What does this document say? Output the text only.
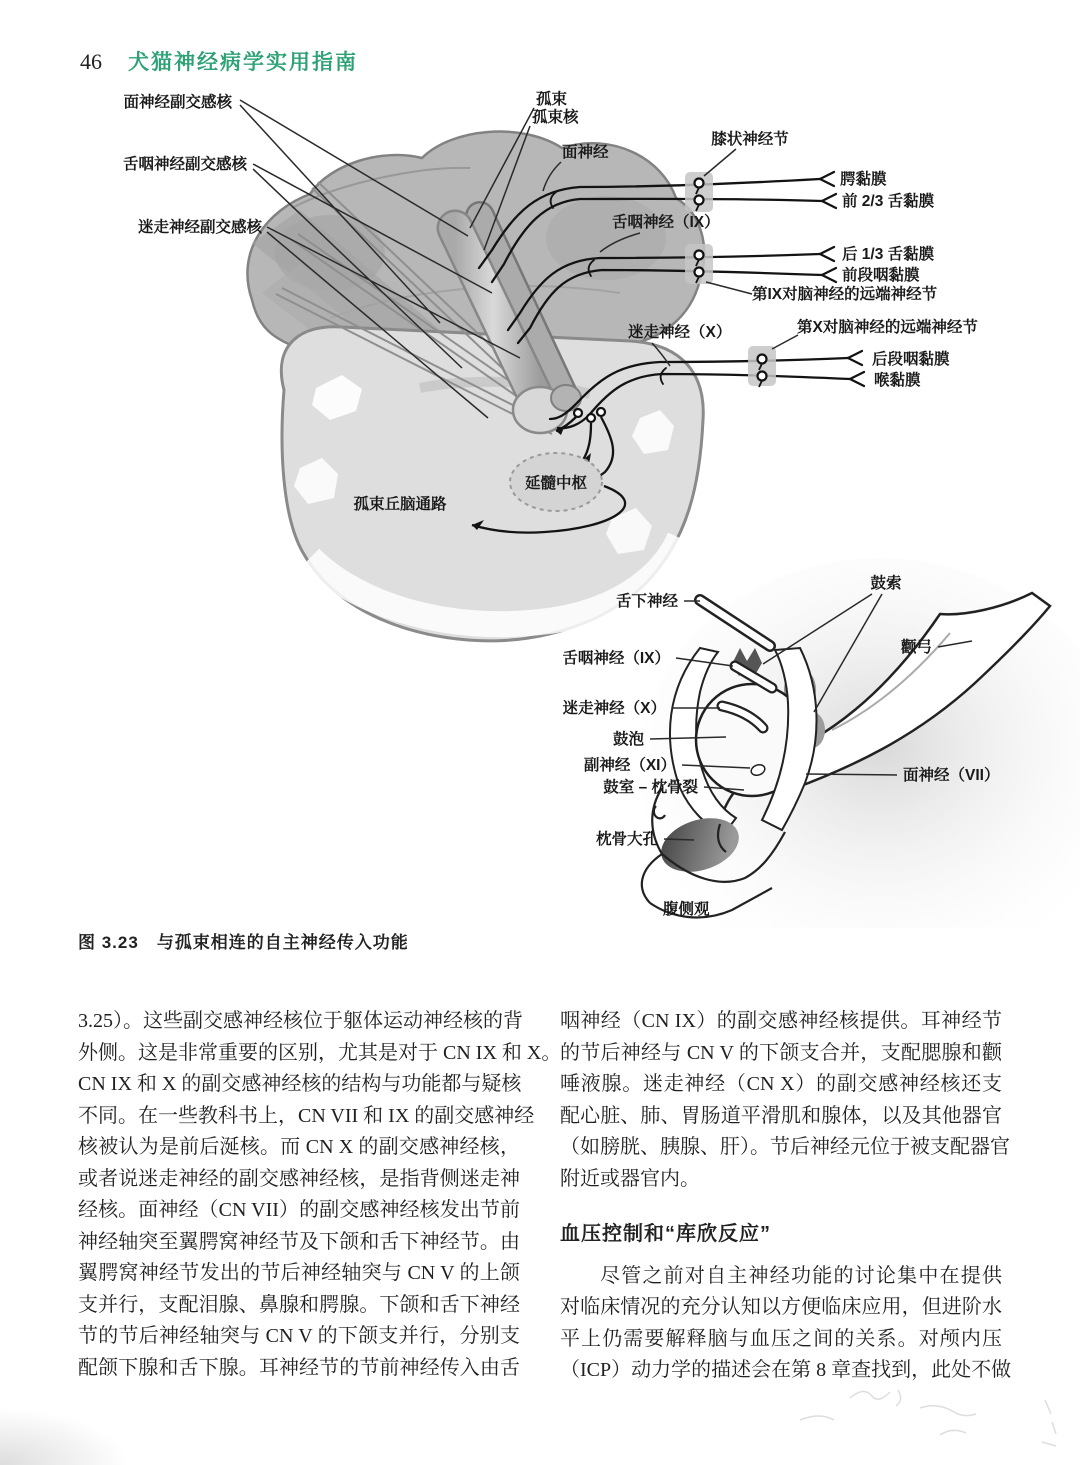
46 犬猫神经病学实用指南
延髓中枢
孤束丘脑通路
面神经副交感核
舌咽神经副交感核
迷走神经副交感核
孤束
孤束核
面神经
膝状神经节
腭黏膜
前 2/3 舌黏膜
舌咽神经（IX）
后 1/3 舌黏膜
前段咽黏膜
第IX对脑神经的远端神经节
迷走神经（X）	第X对脑神经的远端神经节
后段咽黏膜
喉黏膜
鼓索
舌下神经
颧弓
舌咽神经（IX）
迷走神经（X）
鼓泡
副神经（XI）
鼓室 – 枕骨裂
面神经（VII）
枕骨大孔
腹侧观
图 3.23 与孤束相连的自主神经传入功能
3.25）。这些副交感神经核位于躯体运动神经核的背
外侧。这是非常重要的区别，尤其是对于 CN IX 和 X。
CN IX 和 X 的副交感神经核的结构与功能都与疑核
不同。在一些教科书上，CN VII 和 IX 的副交感神经
核被认为是前后涎核。而 CN X 的副交感神经核，
或者说迷走神经的副交感神经核，是指背侧迷走神
经核。面神经（CN VII）的副交感神经核发出节前
神经轴突至翼腭窝神经节及下颌和舌下神经节。由
翼腭窝神经节发出的节后神经轴突与 CN V 的上颌
支并行，支配泪腺、鼻腺和腭腺。下颌和舌下神经
节的节后神经轴突与 CN V 的下颌支并行，分别支
配颌下腺和舌下腺。耳神经节的节前神经传入由舌
咽神经（CN IX）的副交感神经核提供。耳神经节
的节后神经与 CN V 的下颌支合并，支配腮腺和颧
唾液腺。迷走神经（CN X）的副交感神经核还支
配心脏、肺、胃肠道平滑肌和腺体，以及其他器官
（如膀胱、胰腺、肝）。节后神经元位于被支配器官
附近或器官内。
血压控制和“库欣反应”
尽管之前对自主神经功能的讨论集中在提供
对临床情况的充分认知以方便临床应用，但进阶水
平上仍需要解释脑与血压之间的关系。对颅内压
（ICP）动力学的描述会在第 8 章查找到，此处不做
